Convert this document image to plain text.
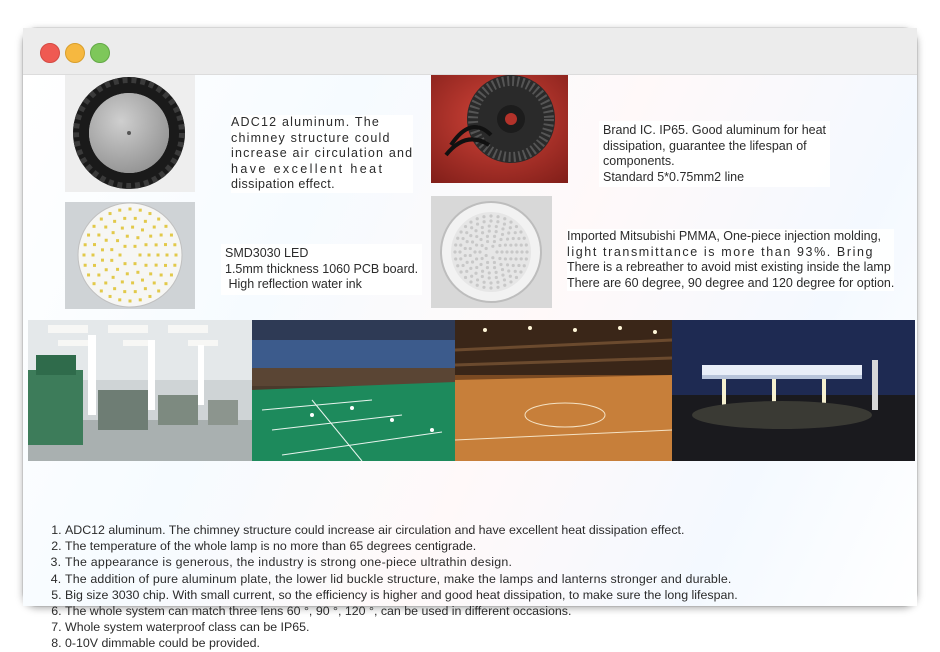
ADC12 aluminum. The
chimney structure could
increase air circulation and
have excellent heat
dissipation effect.
Brand IC. IP65. Good aluminum for heat
dissipation, guarantee the lifespan of
components.
Standard 5*0.75mm2 line
SMD3030 LED
1.5mm thickness 1060 PCB board.
High reflection water ink
Imported Mitsubishi PMMA, One-piece injection molding,
light transmittance is more than 93%. Bring
There is a rebreather to avoid mist existing inside the lamp
There are 60 degree, 90 degree and 120 degree for option.
1. ADC12 aluminum. The chimney structure could increase air circulation and have excellent heat dissipation effect.
2. The temperature of the whole lamp is no more than 65 degrees centigrade.
3. The appearance is generous, the industry is strong one-piece ultrathin design.
4. The addition of pure aluminum plate, the lower lid buckle structure, make the lamps and lanterns stronger and durable.
5. Big size 3030 chip. With small current, so the efficiency is higher and good heat dissipation, to make sure the long lifespan.
6. The whole system can match three lens 60 °, 90 °, 120 °, can be used in different occasions.
7. Whole system waterproof class can be IP65.
8. 0-10V dimmable could be provided.
